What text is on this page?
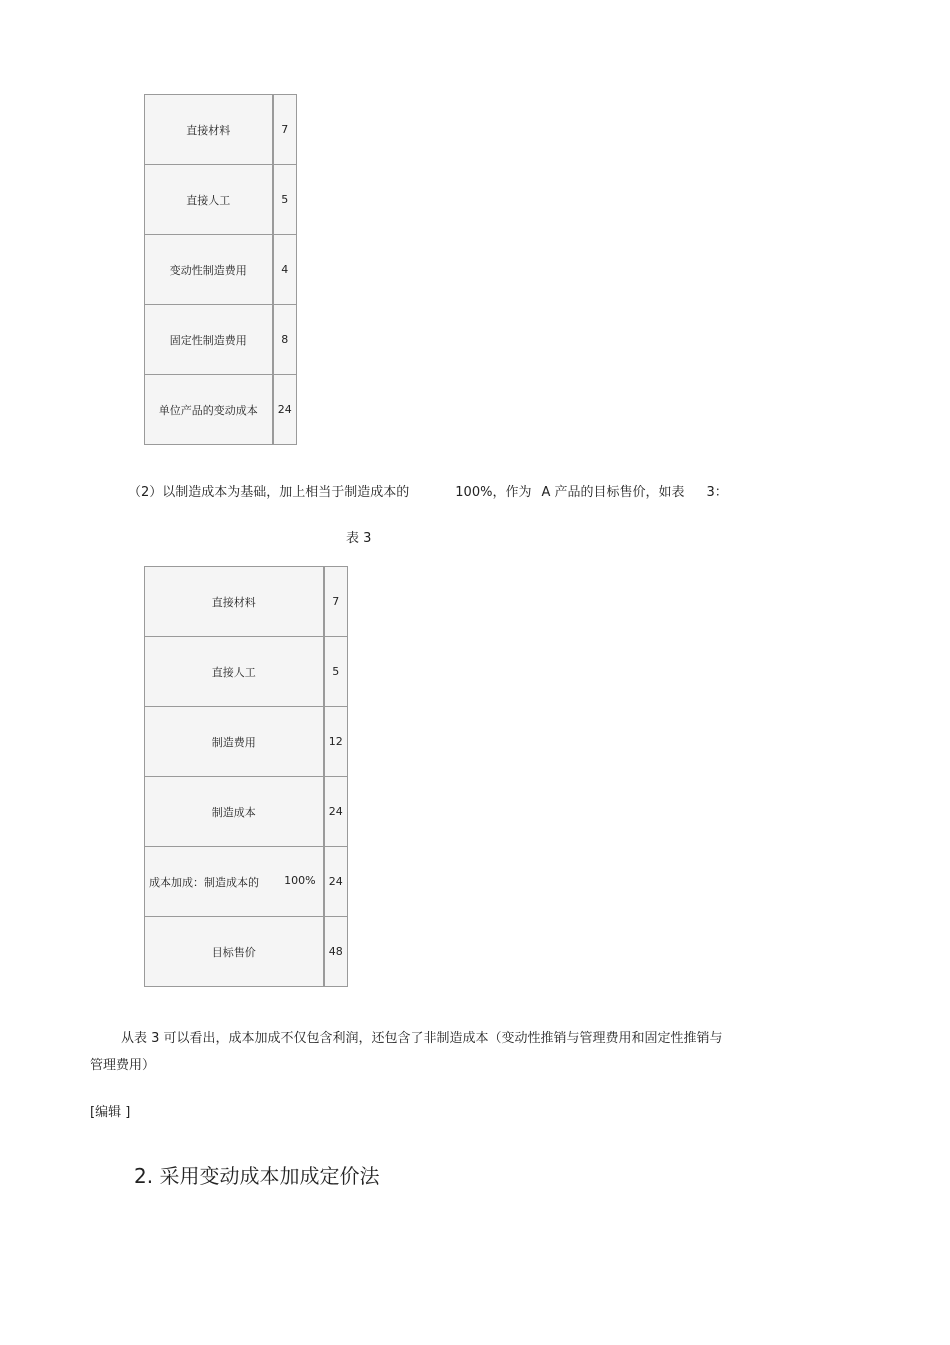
直接材料	7
直接人工	5
变动性制造费用	4
固定性制造费用	8
单位产品的变动成本	24
（2）以制造成本为基础，加上相当于制造成本的	100%，作为 A 产品的目标售价，如表 3：
表 3
直接材料	7
直接人工	5
制造费用	12
制造成本	24

成本加成：制造成本的 100%	24
目标售价	48
从表 3 可以看出，成本加成不仅包含利润，还包含了非制造成本（变动性推销与管理费用和固定性推销与
管理费用）
[编辑 ]
2. 采用变动成本加成定价法
